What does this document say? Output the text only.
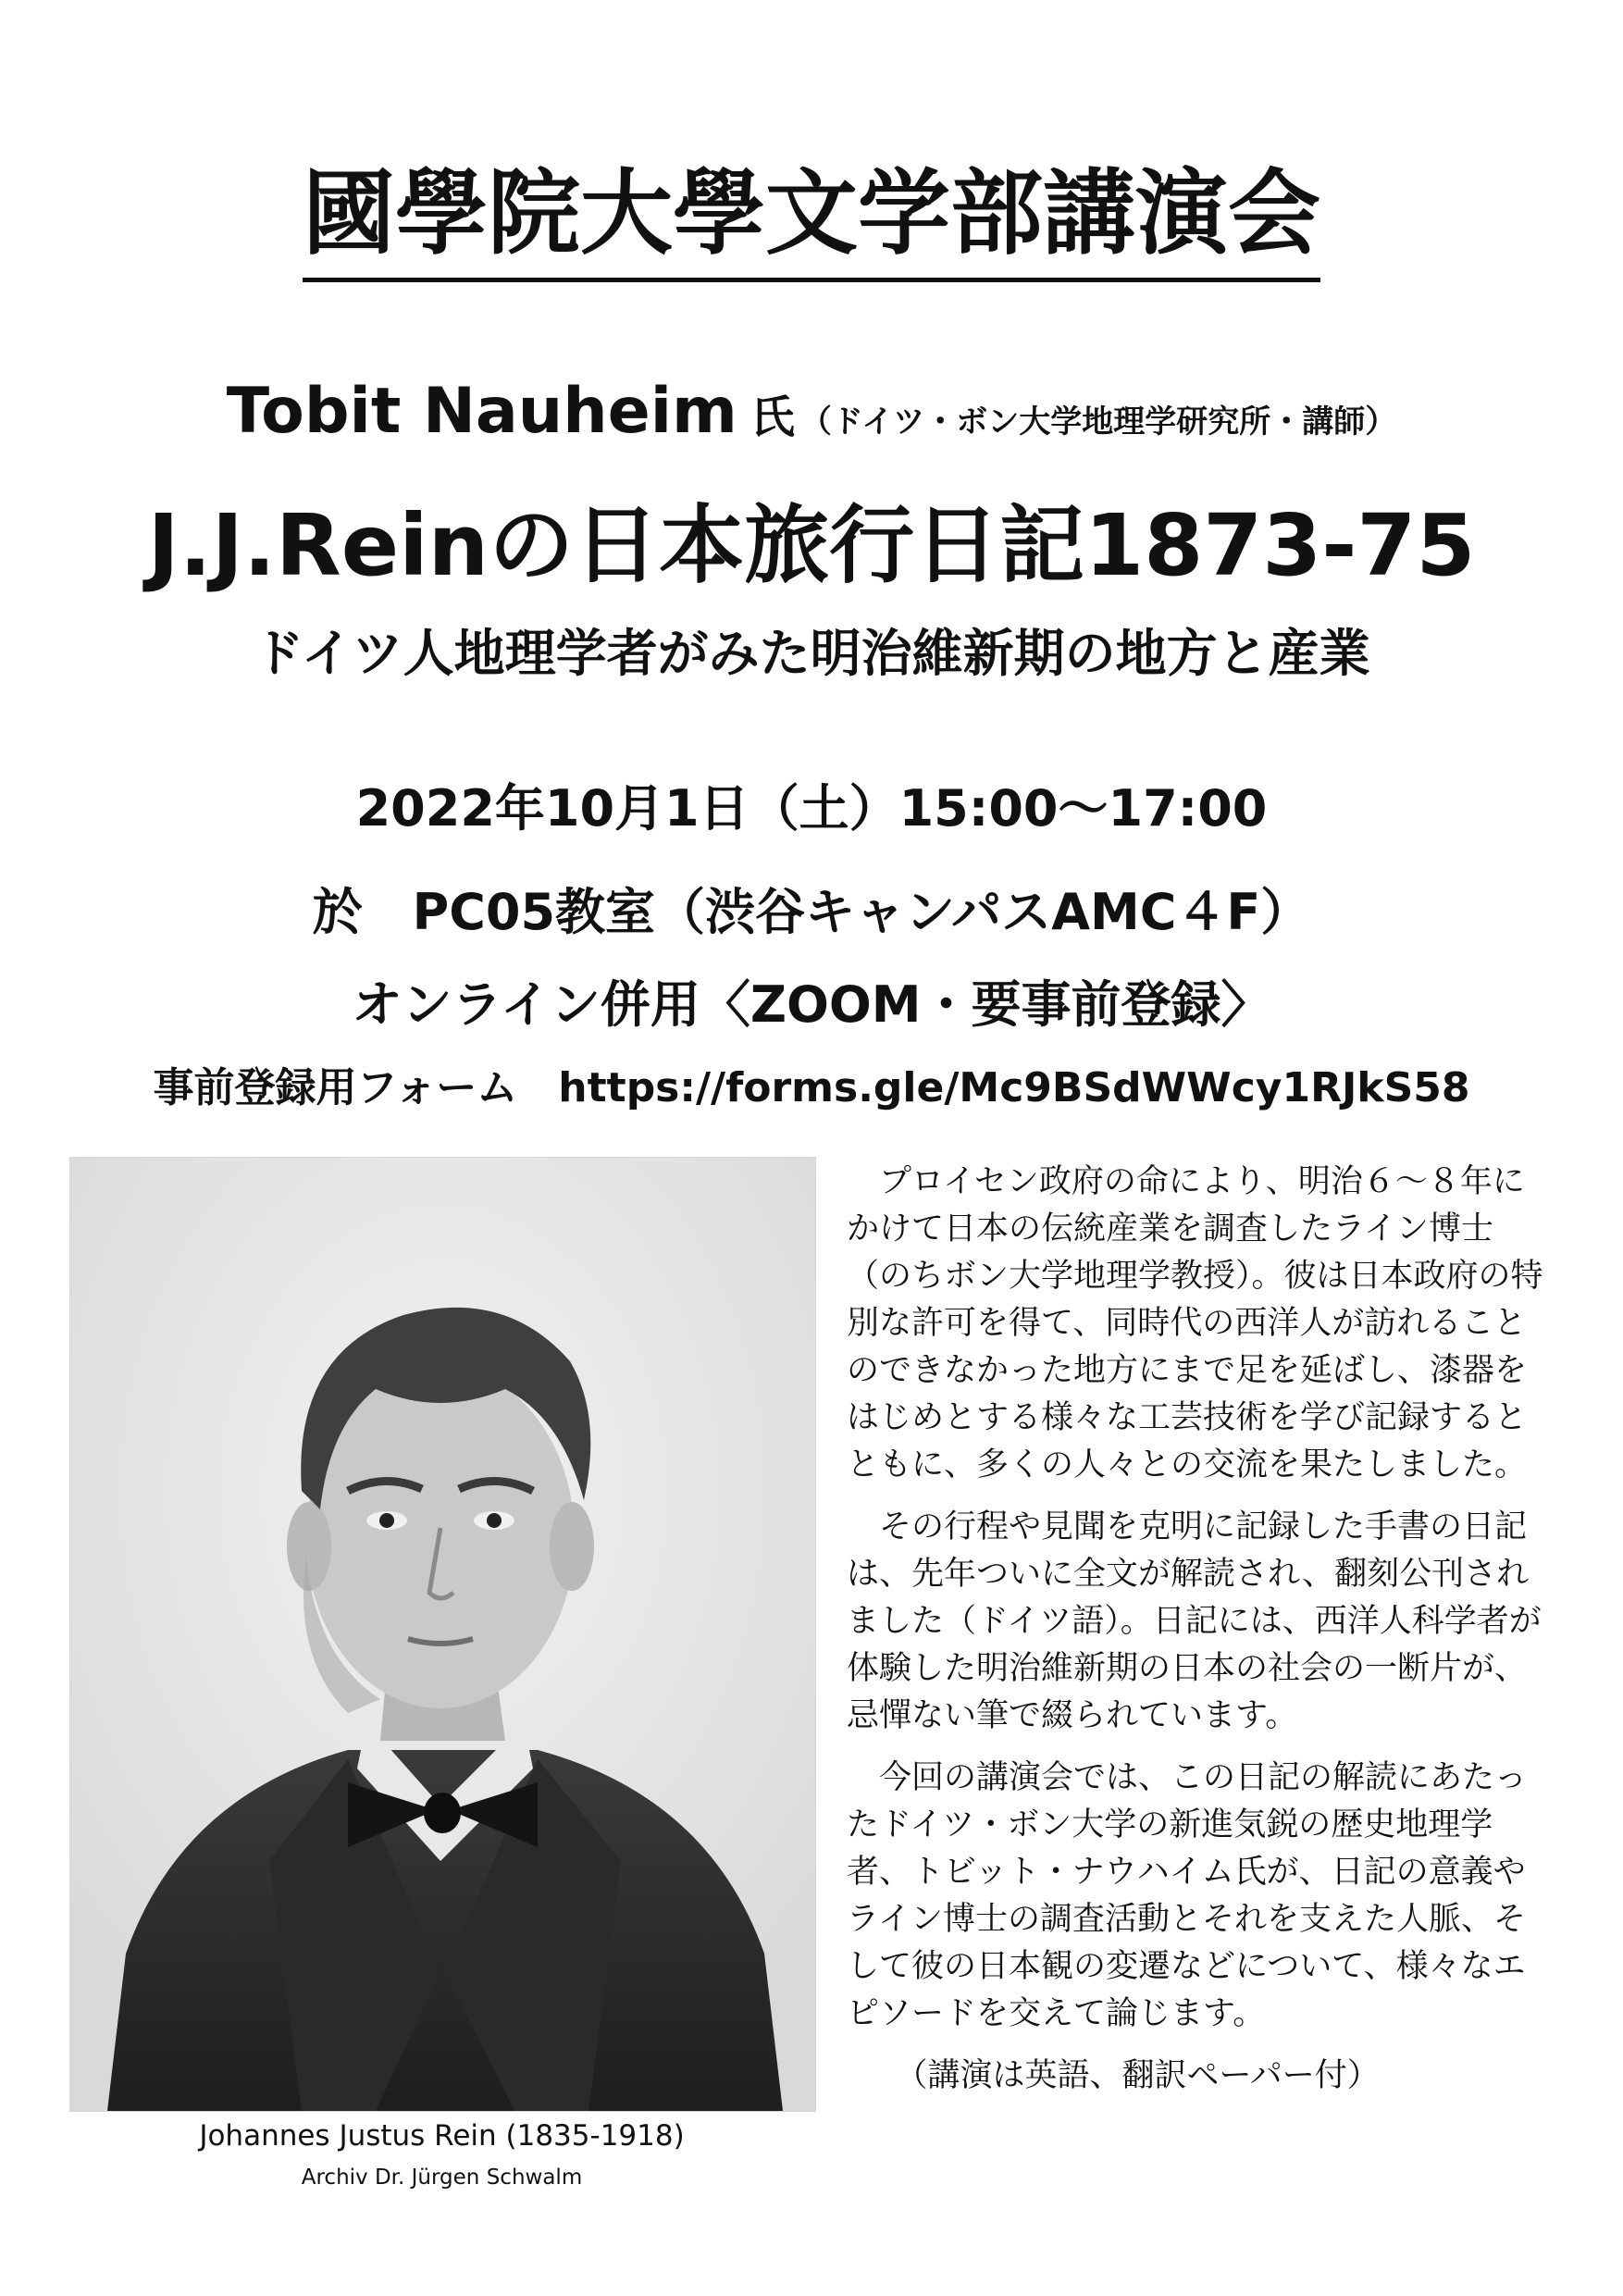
國學院大學文学部講演会
Tobit Nauheim 氏 （ドイツ・ボン大学地理学研究所・講師）
J.J.Reinの日本旅行日記1873-75
ドイツ人地理学者がみた明治維新期の地方と産業
2022年10月1日（土）15:00～17:00
於　PC05教室（渋谷キャンパスAMC４F）
オンライン併用〈ZOOM・要事前登録〉
事前登録用フォーム　 https://forms.gle/Mc9BSdWWcy1RJkS58
Johannes Justus Rein (1835-1918)
Archiv Dr. Jürgen Schwalm

プロイセン政府の命により、明治６～８年にかけて日本の伝統産業を調査したライン博士（のちボン大学地理学教授）。彼は日本政府の特別な許可を得て、同時代の西洋人が訪れることのできなかった地方にまで足を延ばし、漆器をはじめとする様々な工芸技術を学び記録するとともに、多くの人々との交流を果たしました。

その行程や見聞を克明に記録した手書の日記は、先年ついに全文が解読され、翻刻公刊されました（ドイツ語）。日記には、西洋人科学者が体験した明治維新期の日本の社会の一断片が、忌憚ない筆で綴られています。

今回の講演会では、この日記の解読にあたったドイツ・ボン大学の新進気鋭の歴史地理学者、トビット・ナウハイム氏が、日記の意義やライン博士の調査活動とそれを支えた人脈、そして彼の日本観の変遷などについて、様々なエピソードを交えて論じます。

（講演は英語、翻訳ペーパー付）
